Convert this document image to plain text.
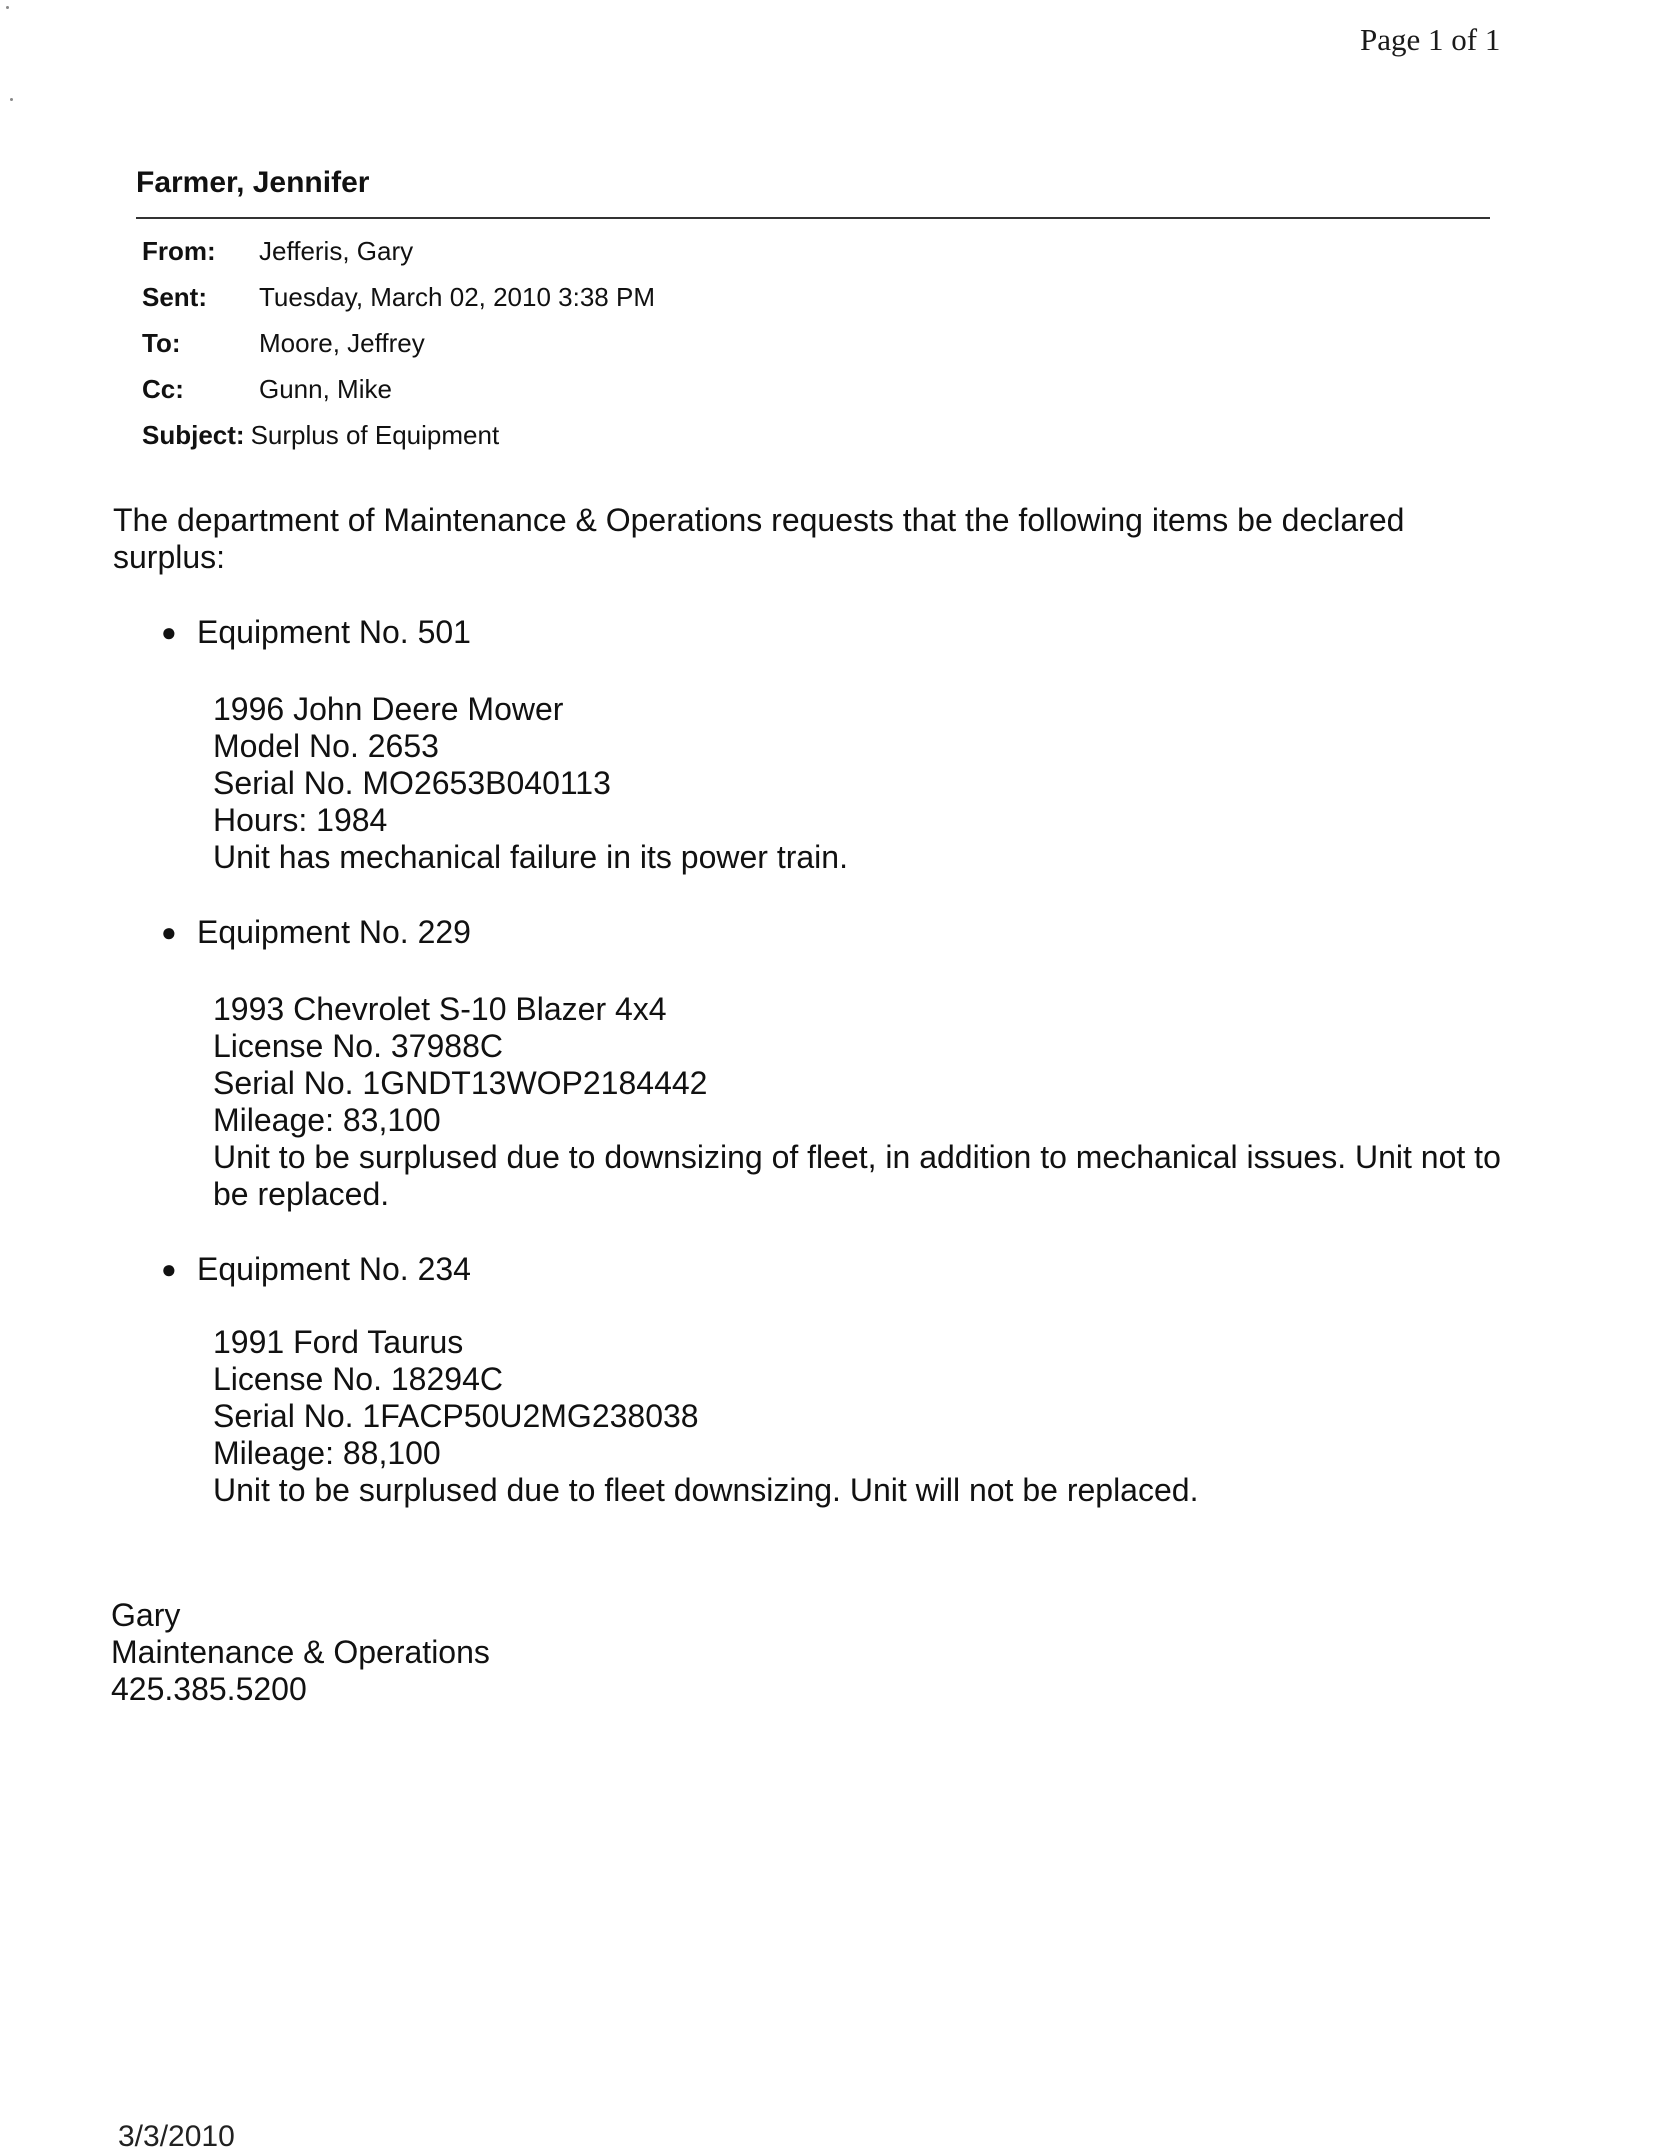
Page 1 of 1
Farmer, Jennifer
From:	Jefferis, Gary
Sent:	Tuesday, March 02, 2010 3:38 PM
To:	Moore, Jeffrey
Cc:	Gunn, Mike
Subject: Surplus of Equipment

The department of Maintenance & Operations requests that the following items be declared surplus:

● Equipment No. 501
1996 John Deere Mower
Model No. 2653
Serial No. MO2653B040113
Hours: 1984
Unit has mechanical failure in its power train.
● Equipment No. 229
1993 Chevrolet S-10 Blazer 4x4
License No. 37988C
Serial No. 1GNDT13WOP2184442
Mileage: 83,100
Unit to be surplused due to downsizing of fleet, in addition to mechanical issues. Unit not to be replaced.
● Equipment No. 234
1991 Ford Taurus
License No. 18294C
Serial No. 1FACP50U2MG238038
Mileage: 88,100
Unit to be surplused due to fleet downsizing. Unit will not be replaced.
Gary
Maintenance & Operations
425.385.5200
3/3/2010
